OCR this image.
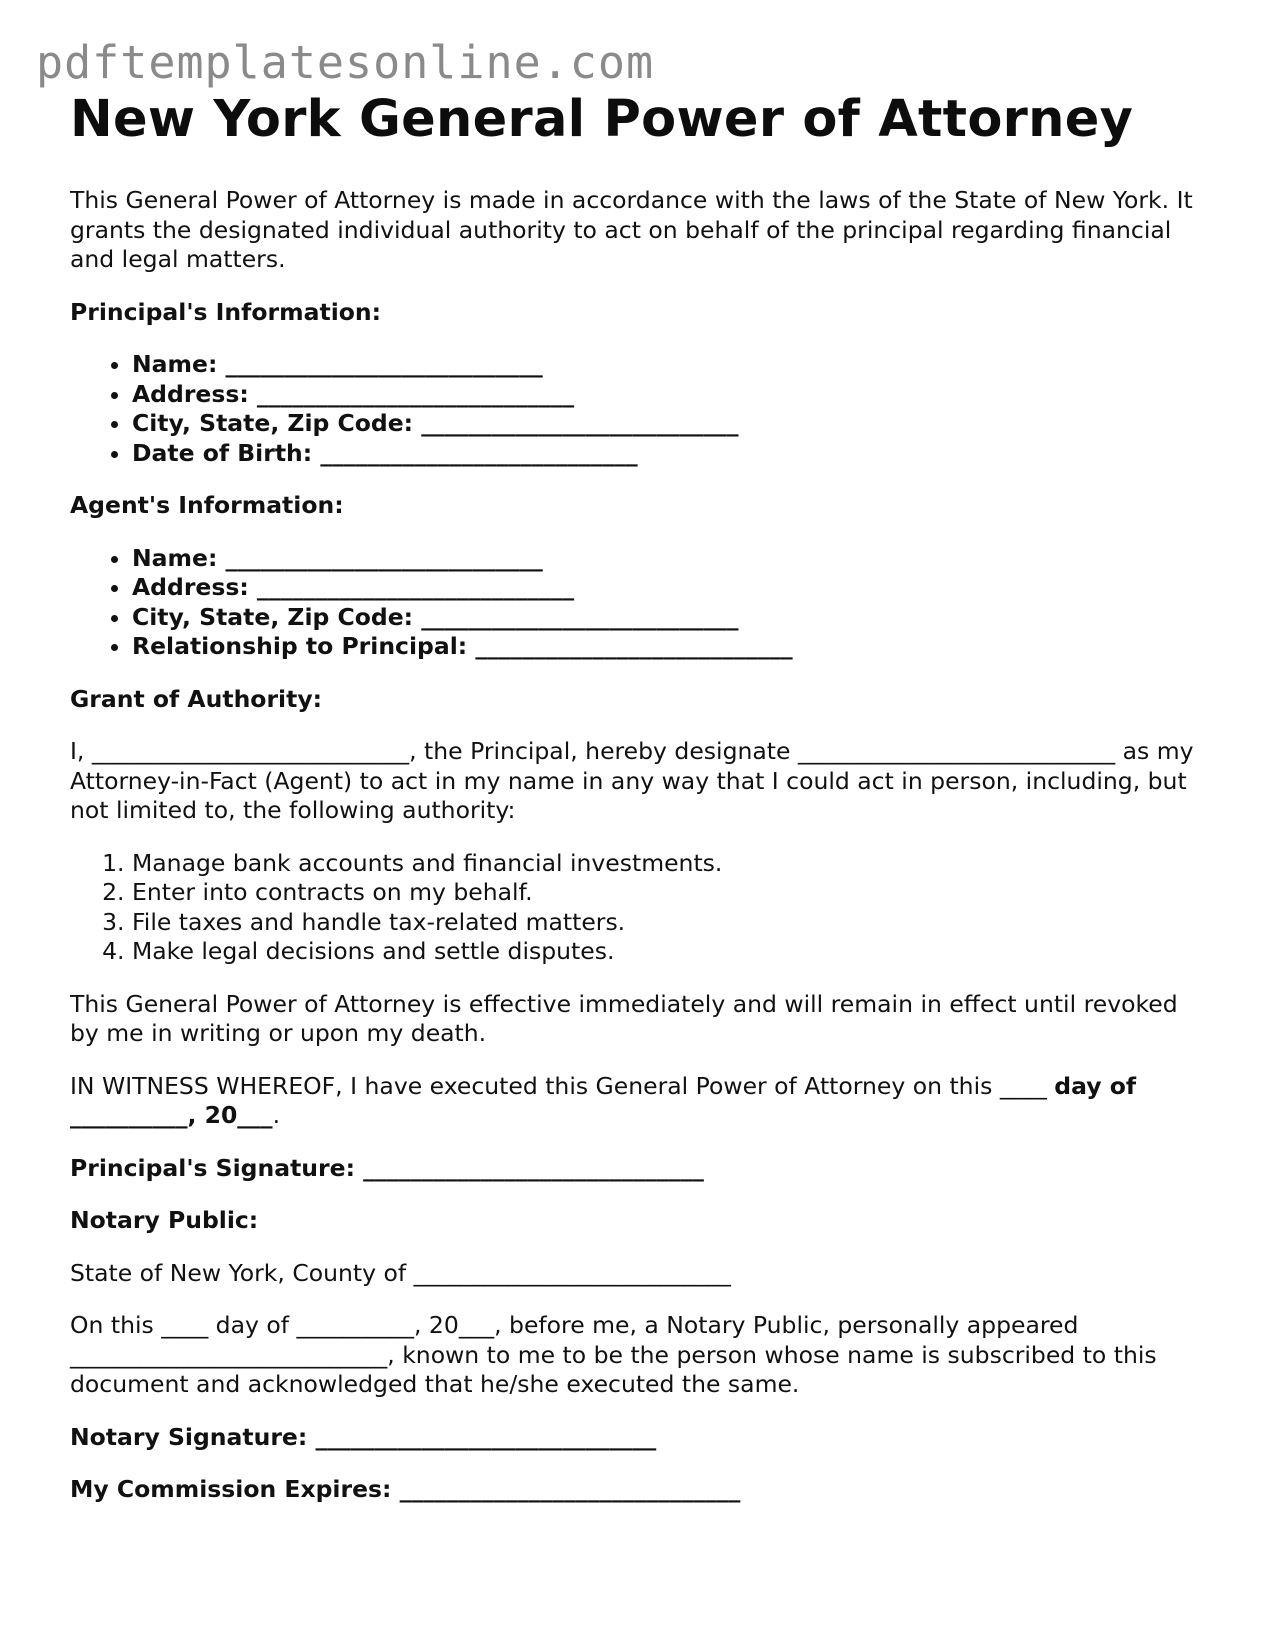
pdftemplatesonline.com
New York General Power of Attorney

This General Power of Attorney is made in accordance with the laws of the State of New York. It grants the designated individual authority to act on behalf of the principal regarding financial and legal matters.

Principal's Information:

• Name: ___________________________
• Address: ___________________________
• City, State, Zip Code: ___________________________
• Date of Birth: ___________________________

Agent's Information:

• Name: ___________________________
• Address: ___________________________
• City, State, Zip Code: ___________________________
• Relationship to Principal: ___________________________

Grant of Authority:

I, ___________________________, the Principal, hereby designate ___________________________ as my Attorney-in-Fact (Agent) to act in my name in any way that I could act in person, including, but not limited to, the following authority:

1. Manage bank accounts and financial investments.
2. Enter into contracts on my behalf.
3. File taxes and handle tax-related matters.
4. Make legal decisions and settle disputes.

This General Power of Attorney is effective immediately and will remain in effect until revoked by me in writing or upon my death.

IN WITNESS WHEREOF, I have executed this General Power of Attorney on this ____ day of __________, 20___.

Principal's Signature: _____________________________

Notary Public:

State of New York, County of ___________________________

On this ____ day of __________, 20___, before me, a Notary Public, personally appeared ___________________________, known to me to be the person whose name is subscribed to this document and acknowledged that he/she executed the same.

Notary Signature: _____________________________

My Commission Expires: _____________________________
